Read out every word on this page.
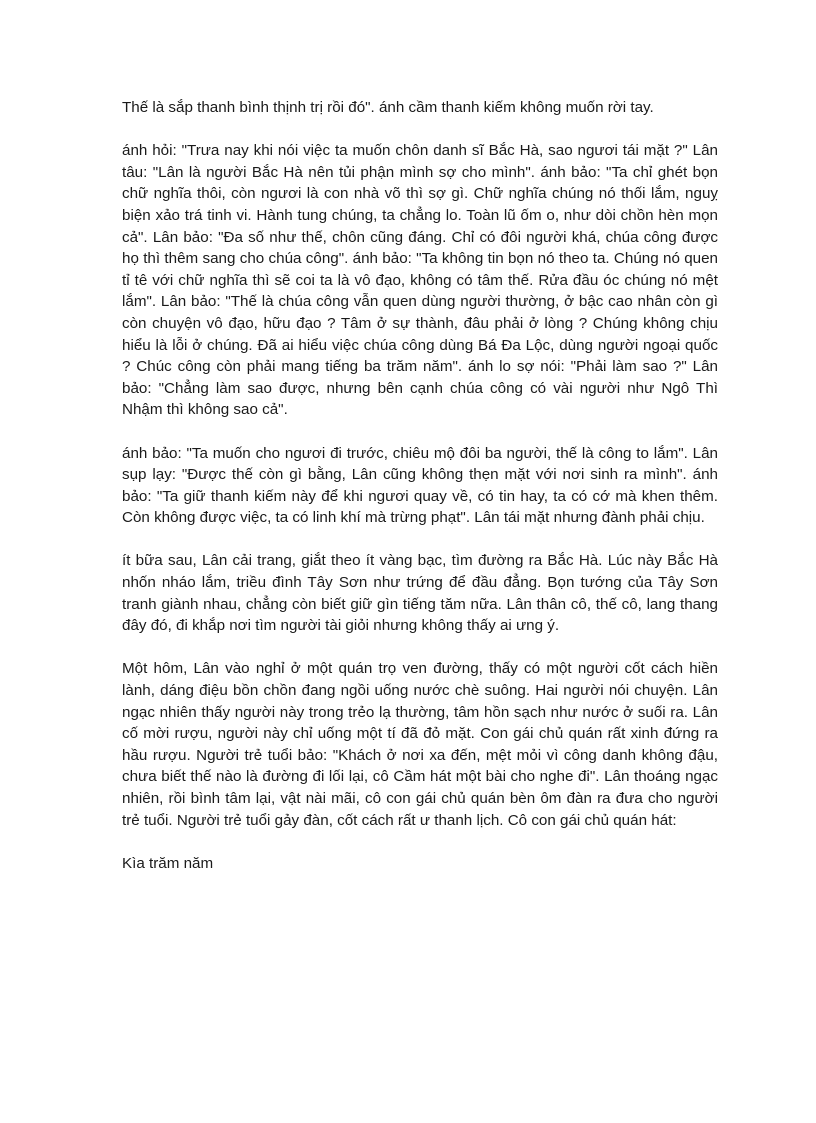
Thế là sắp thanh bình thịnh trị rồi đó". ánh cầm thanh kiếm không muốn rời tay.

ánh hỏi: "Trưa nay khi nói việc ta muốn chôn danh sĩ Bắc Hà, sao ngươi tái mặt ?" Lân tâu: "Lân là người Bắc Hà nên tủi phận mình sợ cho mình". ánh bảo: "Ta chỉ ghét bọn chữ nghĩa thôi, còn ngươi là con nhà võ thì sợ gì. Chữ nghĩa chúng nó thối lắm, nguỵ biện xảo trá tinh vi. Hành tung chúng, ta chẳng lo. Toàn lũ ốm o, như dòi chồn hèn mọn cả". Lân bảo: "Đa số như thế, chôn cũng đáng. Chỉ có đôi người khá, chúa công được họ thì thêm sang cho chúa công". ánh bảo: "Ta không tin bọn nó theo ta. Chúng nó quen tỉ tê với chữ nghĩa thì sẽ coi ta là vô đạo, không có tâm thế. Rửa đầu óc chúng nó mệt lắm". Lân bảo: "Thế là chúa công vẫn quen dùng người thường, ở bậc cao nhân còn gì còn chuyện vô đạo, hữu đạo ? Tâm ở sự thành, đâu phải ở lòng ? Chúng không chịu hiểu là lỗi ở chúng. Đã ai hiểu việc chúa công dùng Bá Đa Lộc, dùng người ngoại quốc ? Chúc công còn phải mang tiếng ba trăm năm". ánh lo sợ nói: "Phải làm sao ?" Lân bảo: "Chẳng làm sao được, nhưng bên cạnh chúa công có vài người như Ngô Thì Nhậm thì không sao cả".

ánh bảo: "Ta muốn cho ngươi đi trước, chiêu mộ đôi ba người, thế là công to lắm". Lân sụp lạy: "Được thế còn gì bằng, Lân cũng không thẹn mặt với nơi sinh ra mình". ánh bảo: "Ta giữ thanh kiếm này để khi ngươi quay về, có tin hay, ta có cớ mà khen thêm. Còn không được việc, ta có linh khí mà trừng phạt". Lân tái mặt nhưng đành phải chịu.

ít bữa sau, Lân cải trang, giắt theo ít vàng bạc, tìm đường ra Bắc Hà. Lúc này Bắc Hà nhốn nháo lắm, triều đình Tây Sơn như trứng để đầu đẳng. Bọn tướng của Tây Sơn tranh giành nhau, chẳng còn biết giữ gìn tiếng tăm nữa. Lân thân cô, thế cô, lang thang đây đó, đi khắp nơi tìm người tài giỏi nhưng không thấy ai ưng ý.

Một hôm, Lân vào nghỉ ở một quán trọ ven đường, thấy có một người cốt cách hiền lành, dáng điệu bồn chồn đang ngồi uống nước chè suông. Hai người nói chuyện. Lân ngạc nhiên thấy người này trong trẻo lạ thường, tâm hồn sạch như nước ở suối ra. Lân cố mời rượu, người này chỉ uống một tí đã đỏ mặt. Con gái chủ quán rất xinh đứng ra hầu rượu. Người trẻ tuổi bảo: "Khách ở nơi xa đến, mệt mỏi vì công danh không đậu, chưa biết thế nào là đường đi lối lại, cô Cầm hát một bài cho nghe đi". Lân thoáng ngạc nhiên, rồi bình tâm lại, vật nài mãi, cô con gái chủ quán bèn ôm đàn ra đưa cho người trẻ tuổi. Người trẻ tuổi gảy đàn, cốt cách rất ư thanh lịch. Cô con gái chủ quán hát:

Kìa trăm năm
